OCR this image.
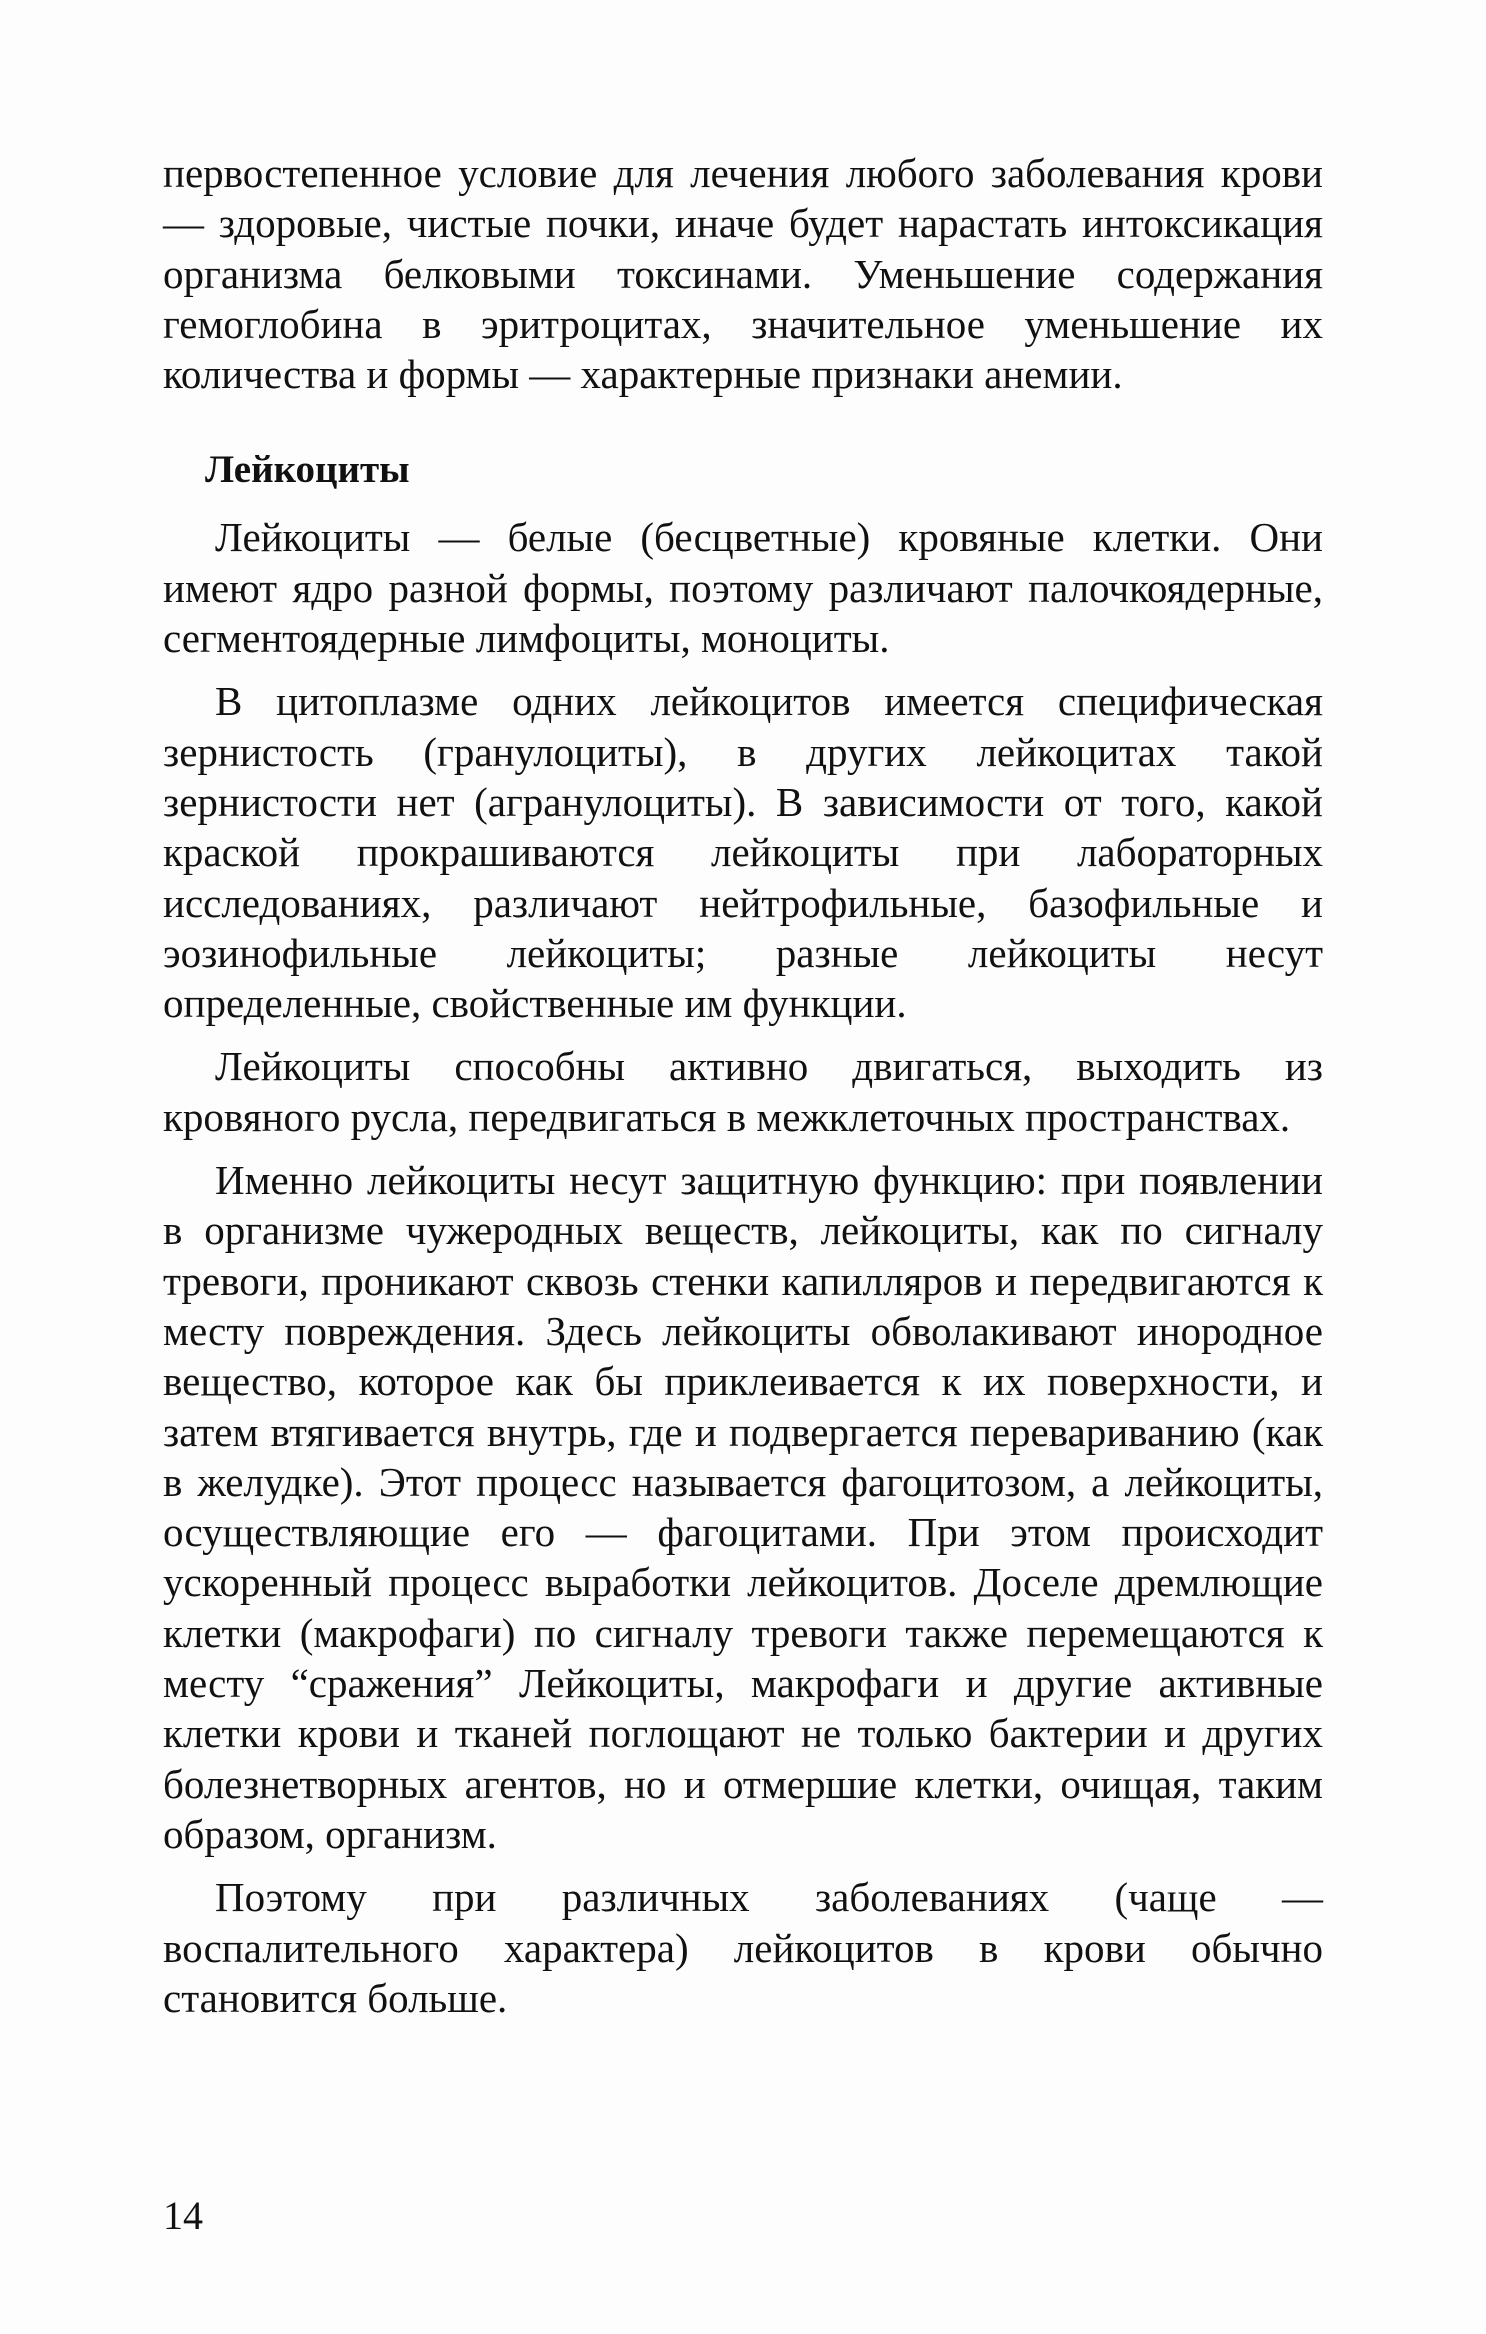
первостепенное условие для лечения любого заболевания крови — здоровые, чистые почки, иначе будет нарастать интоксикация организма белковыми токсинами. Уменьшение содержания гемоглобина в эритроцитах, значительное уменьшение их количества и формы — характерные признаки анемии.

Лейкоциты

Лейкоциты — белые (бесцветные) кровяные клетки. Они имеют ядро разной формы, поэтому различают палочкоядерные, сегментоядерные лимфоциты, моноциты.

В цитоплазме одних лейкоцитов имеется специфическая зернистость (гранулоциты), в других лейкоцитах такой зернистости нет (агранулоциты). В зависимости от того, какой краской прокрашиваются лейкоциты при лабораторных исследованиях, различают нейтрофильные, базофильные и эозинофильные лейкоциты; разные лейкоциты несут определенные, свойственные им функции.

Лейкоциты способны активно двигаться, выходить из кровяного русла, передвигаться в межклеточных пространствах.

Именно лейкоциты несут защитную функцию: при появлении в организме чужеродных веществ, лейкоциты, как по сигналу тревоги, проникают сквозь стенки капилляров и передвигаются к месту повреждения. Здесь лейкоциты обволакивают инородное вещество, которое как бы приклеивается к их поверхности, и затем втягивается внутрь, где и подвергается перевариванию (как в желудке). Этот процесс называется фагоцитозом, а лейкоциты, осуществляющие его — фагоцитами. При этом происходит ускоренный процесс выработки лейкоцитов. Доселе дремлющие клетки (макрофаги) по сигналу тревоги также перемещаются к месту “сражения” Лейкоциты, макрофаги и другие активные клетки крови и тканей поглощают не только бактерии и других болезнетворных агентов, но и отмершие клетки, очищая, таким образом, организм.

Поэтому при различных заболеваниях (чаще — воспалительного характера) лейкоцитов в крови обычно становится больше.

14
